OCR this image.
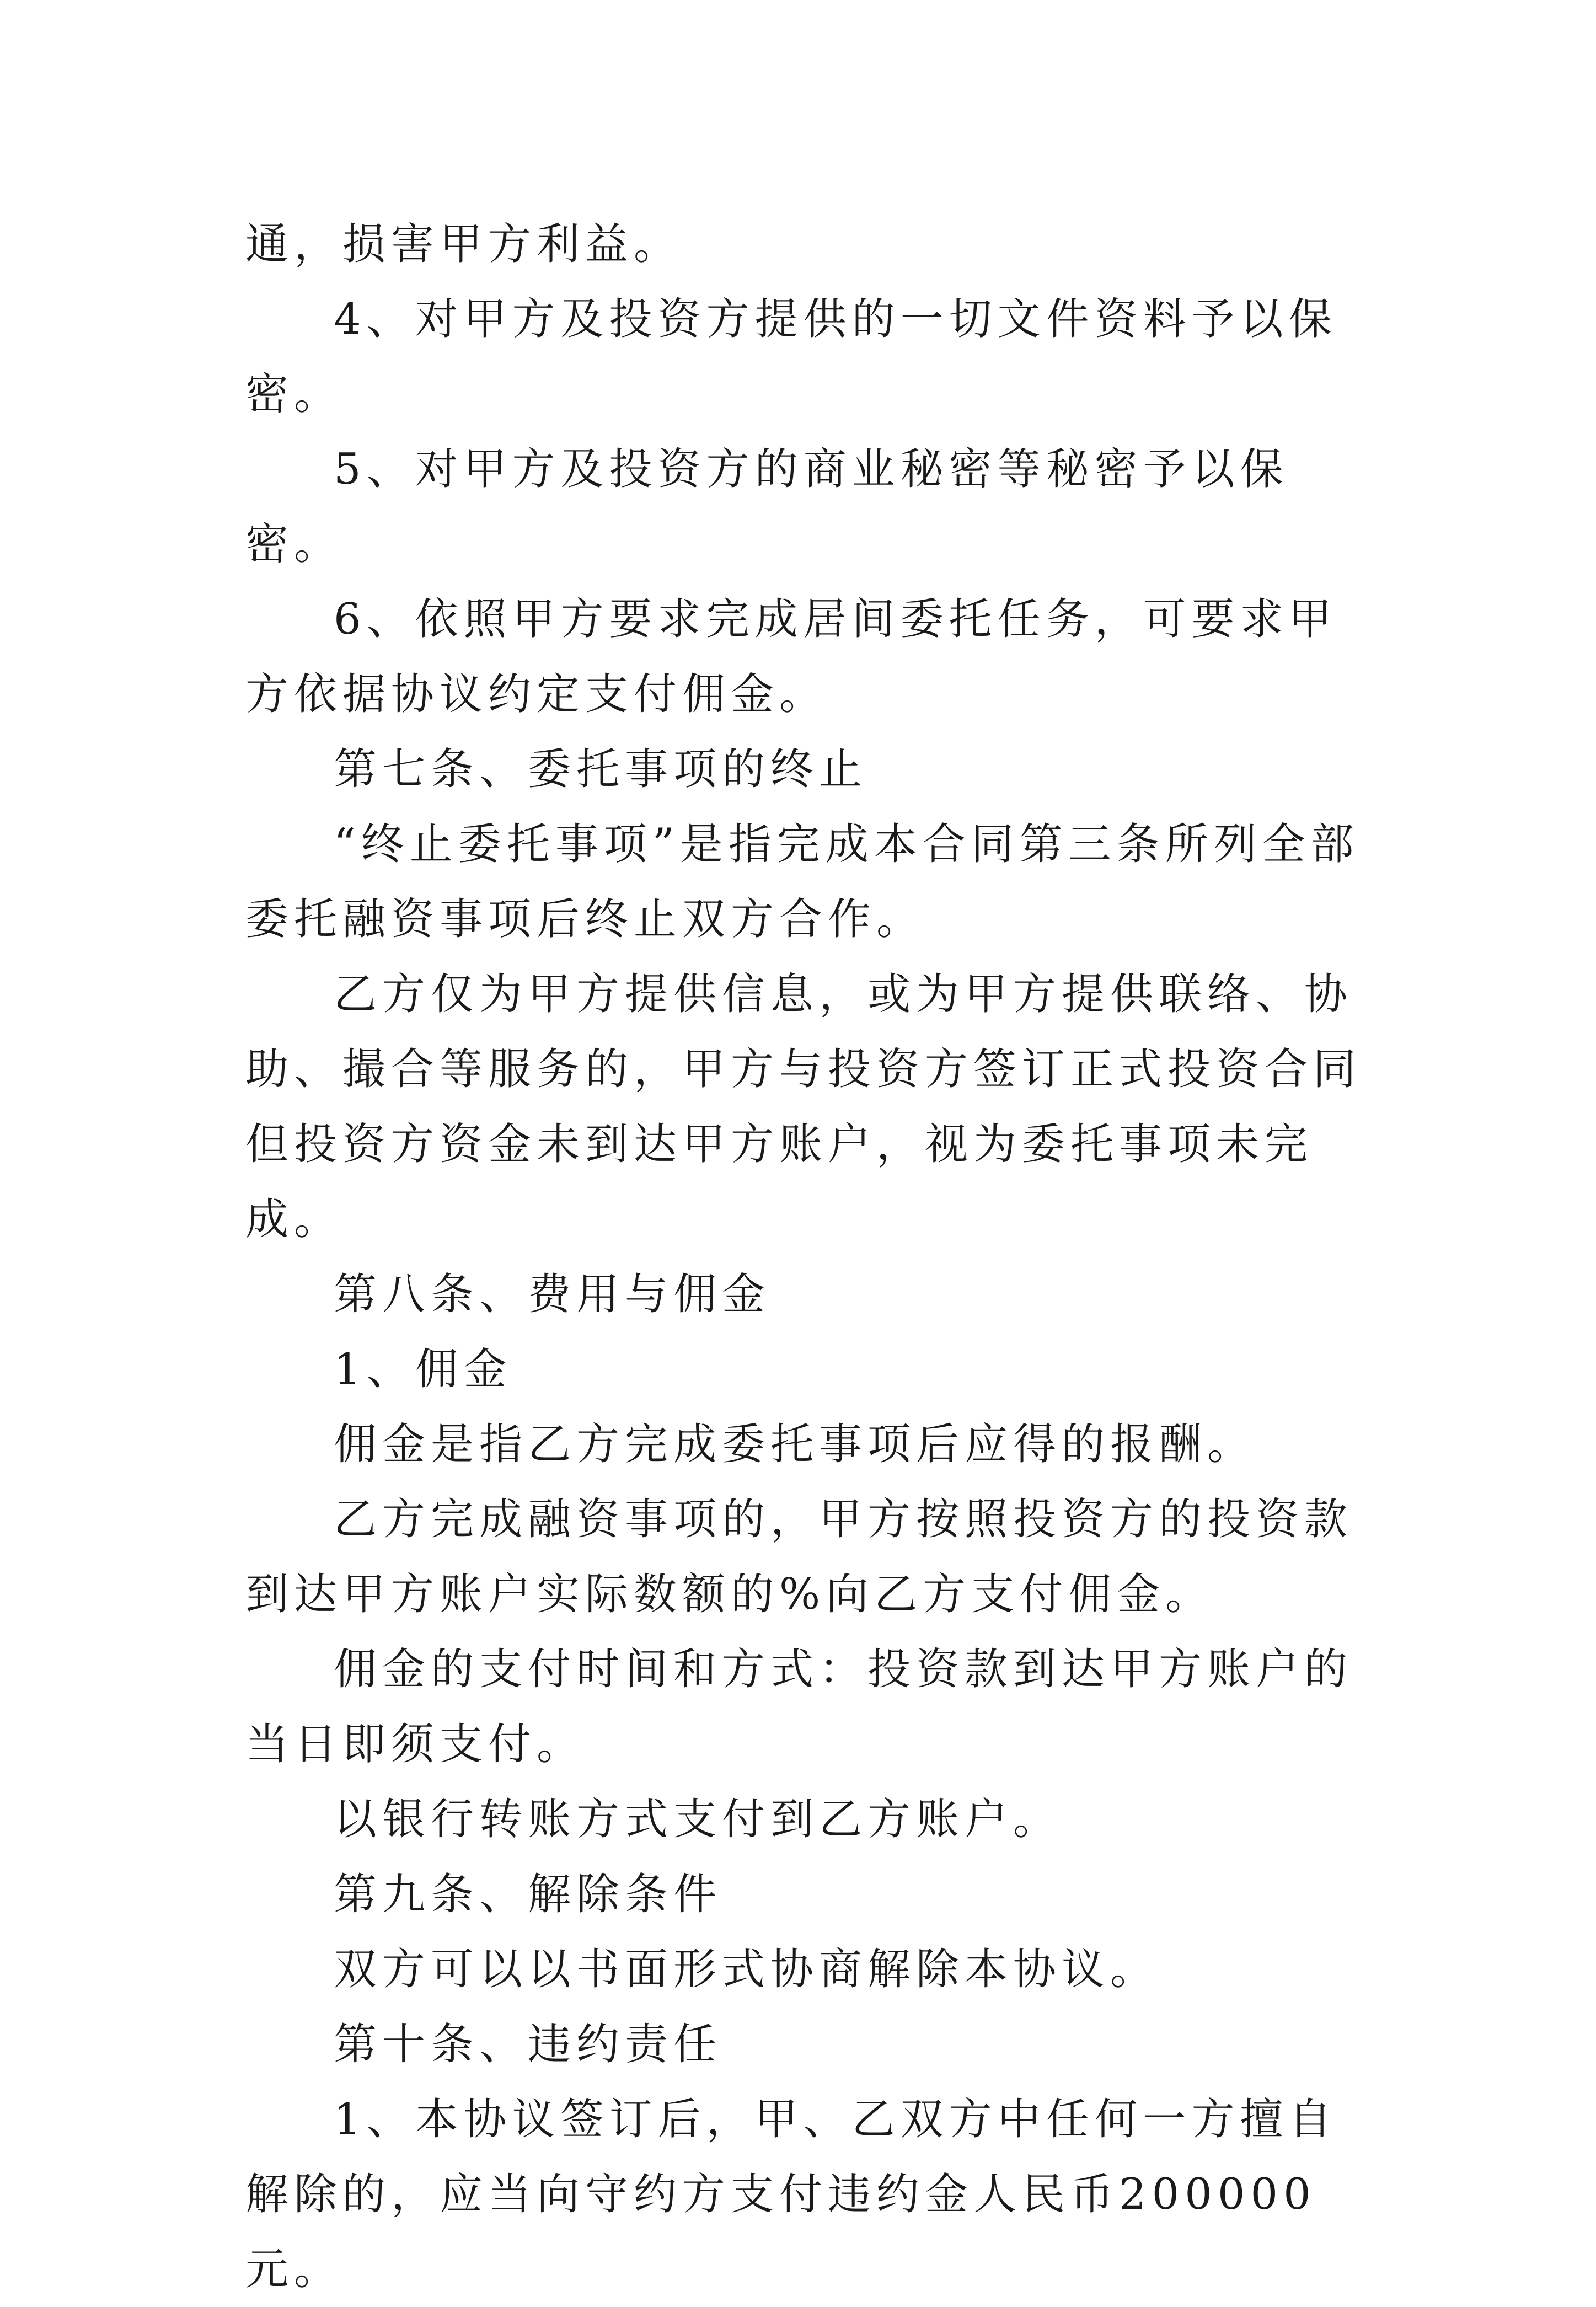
通，损害甲方利益。

4、对甲方及投资方提供的一切文件资料予以保密。

5、对甲方及投资方的商业秘密等秘密予以保密。

6、依照甲方要求完成居间委托任务，可要求甲方依据协议约定支付佣金。

第七条、委托事项的终止

“终止委托事项”是指完成本合同第三条所列全部委托融资事项后终止双方合作。

乙方仅为甲方提供信息，或为甲方提供联络、协助、撮合等服务的，甲方与投资方签订正式投资合同但投资方资金未到达甲方账户，视为委托事项未完成。

第八条、费用与佣金

1、佣金

佣金是指乙方完成委托事项后应得的报酬。

乙方完成融资事项的，甲方按照投资方的投资款到达甲方账户实际数额的%向乙方支付佣金。

佣金的支付时间和方式：投资款到达甲方账户的当日即须支付。

以银行转账方式支付到乙方账户。

第九条、解除条件

双方可以以书面形式协商解除本协议。

第十条、违约责任

1、本协议签订后，甲、乙双方中任何一方擅自解除的，应当向守约方支付违约金人民币200000元。
